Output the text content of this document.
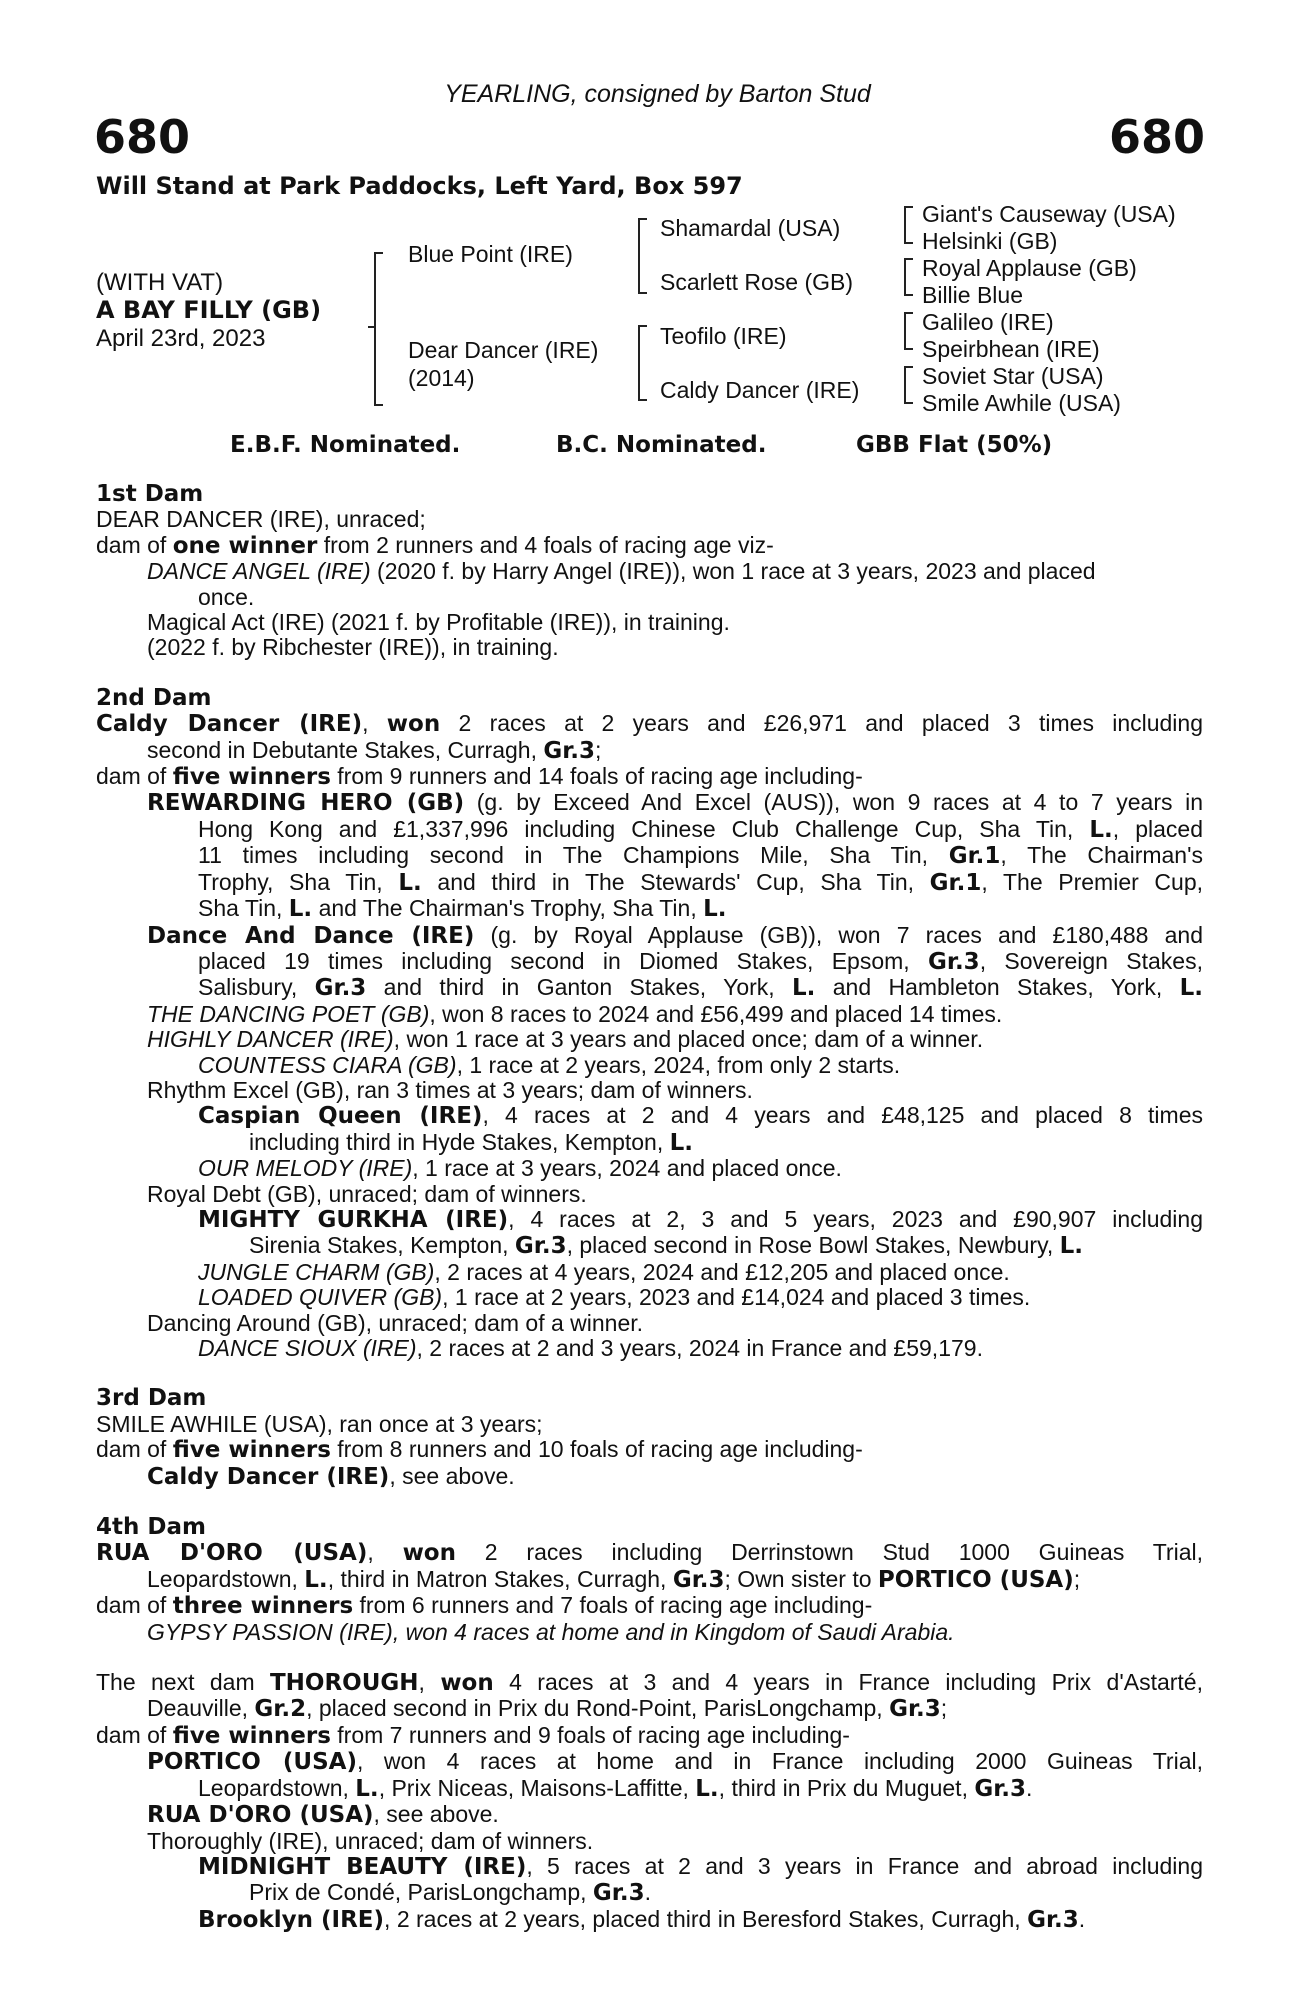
YEARLING, consigned by Barton Stud
680	680
Will Stand at Park Paddocks, Left Yard, Box 597
(WITH VAT)
A BAY FILLY (GB)
April 23rd, 2023
Blue Point (IRE)
Dear Dancer (IRE)
(2014)
Shamardal (USA)
Scarlett Rose (GB)
Teofilo (IRE)
Caldy Dancer (IRE)
Giant's Causeway (USA)
Helsinki (GB)
Royal Applause (GB)
Billie Blue
Galileo (IRE)
Speirbhean (IRE)
Soviet Star (USA)
Smile Awhile (USA)
E.B.F. Nominated.	B.C. Nominated.	GBB Flat (50%)
1st Dam
DEAR DANCER (IRE), unraced;
dam of one winner from 2 runners and 4 foals of racing age viz-
DANCE ANGEL (IRE) (2020 f. by Harry Angel (IRE)), won 1 race at 3 years, 2023 and placed
once.
Magical Act (IRE) (2021 f. by Profitable (IRE)), in training.
(2022 f. by Ribchester (IRE)), in training.
2nd Dam
Caldy Dancer (IRE), won 2 races at 2 years and £26,971 and placed 3 times including
second in Debutante Stakes, Curragh, Gr.3;
dam of five winners from 9 runners and 14 foals of racing age including-
REWARDING HERO (GB) (g. by Exceed And Excel (AUS)), won 9 races at 4 to 7 years in
Hong Kong and £1,337,996 including Chinese Club Challenge Cup, Sha Tin, L., placed
11 times including second in The Champions Mile, Sha Tin, Gr.1, The Chairman's
Trophy, Sha Tin, L. and third in The Stewards' Cup, Sha Tin, Gr.1, The Premier Cup,
Sha Tin, L. and The Chairman's Trophy, Sha Tin, L.
Dance And Dance (IRE) (g. by Royal Applause (GB)), won 7 races and £180,488 and
placed 19 times including second in Diomed Stakes, Epsom, Gr.3, Sovereign Stakes,
Salisbury, Gr.3 and third in Ganton Stakes, York, L. and Hambleton Stakes, York, L.
THE DANCING POET (GB), won 8 races to 2024 and £56,499 and placed 14 times.
HIGHLY DANCER (IRE), won 1 race at 3 years and placed once; dam of a winner.
COUNTESS CIARA (GB), 1 race at 2 years, 2024, from only 2 starts.
Rhythm Excel (GB), ran 3 times at 3 years; dam of winners.
Caspian Queen (IRE), 4 races at 2 and 4 years and £48,125 and placed 8 times
including third in Hyde Stakes, Kempton, L.
OUR MELODY (IRE), 1 race at 3 years, 2024 and placed once.
Royal Debt (GB), unraced; dam of winners.
MIGHTY GURKHA (IRE), 4 races at 2, 3 and 5 years, 2023 and £90,907 including
Sirenia Stakes, Kempton, Gr.3, placed second in Rose Bowl Stakes, Newbury, L.
JUNGLE CHARM (GB), 2 races at 4 years, 2024 and £12,205 and placed once.
LOADED QUIVER (GB), 1 race at 2 years, 2023 and £14,024 and placed 3 times.
Dancing Around (GB), unraced; dam of a winner.
DANCE SIOUX (IRE), 2 races at 2 and 3 years, 2024 in France and £59,179.
3rd Dam
SMILE AWHILE (USA), ran once at 3 years;
dam of five winners from 8 runners and 10 foals of racing age including-
Caldy Dancer (IRE), see above.
4th Dam
RUA D'ORO (USA), won 2 races including Derrinstown Stud 1000 Guineas Trial,
Leopardstown, L., third in Matron Stakes, Curragh, Gr.3; Own sister to PORTICO (USA);
dam of three winners from 6 runners and 7 foals of racing age including-
GYPSY PASSION (IRE), won 4 races at home and in Kingdom of Saudi Arabia.
The next dam THOROUGH, won 4 races at 3 and 4 years in France including Prix d'Astarté,
Deauville, Gr.2, placed second in Prix du Rond-Point, ParisLongchamp, Gr.3;
dam of five winners from 7 runners and 9 foals of racing age including-
PORTICO (USA), won 4 races at home and in France including 2000 Guineas Trial,
Leopardstown, L., Prix Niceas, Maisons-Laffitte, L., third in Prix du Muguet, Gr.3.
RUA D'ORO (USA), see above.
Thoroughly (IRE), unraced; dam of winners.
MIDNIGHT BEAUTY (IRE), 5 races at 2 and 3 years in France and abroad including
Prix de Condé, ParisLongchamp, Gr.3.
Brooklyn (IRE), 2 races at 2 years, placed third in Beresford Stakes, Curragh, Gr.3.
